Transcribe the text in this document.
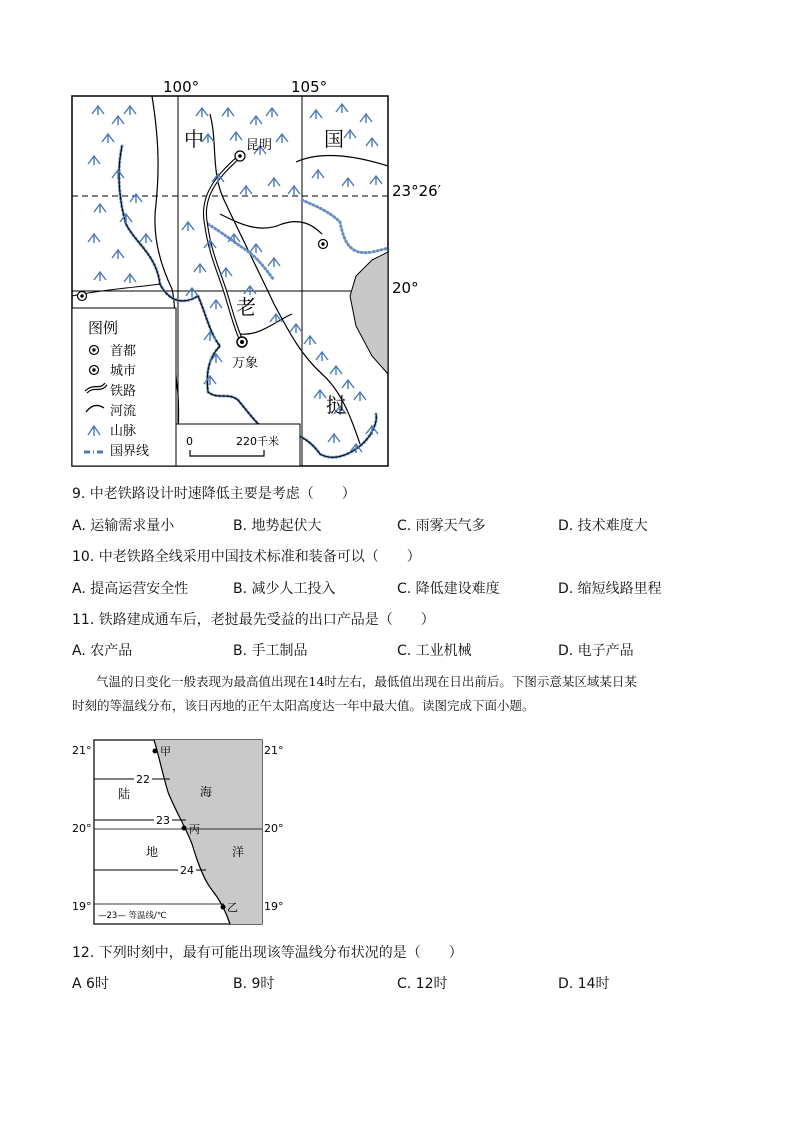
100°	105°
23°26′
20°
中	国
老
挝
昆明
万象
图例
首都
城市
铁路
河流
山脉
国界线
0	220千米
9. 中老铁路设计时速降低主要是考虑（　　）
A. 运输需求量小	B. 地势起伏大	C. 雨雾天气多	D. 技术难度大
10. 中老铁路全线采用中国技术标准和装备可以（　　）
A. 提高运营安全性	B. 减少人工投入	C. 降低建设难度	D. 缩短线路里程
11. 铁路建成通车后，老挝最先受益的出口产品是（　　）
A. 农产品	B. 手工制品	C. 工业机械	D. 电子产品
气温的日变化一般表现为最高值出现在14时左右，最低值出现在日出前后。下图示意某区域某日某
时刻的等温线分布，该日丙地的正午太阳高度达一年中最大值。读图完成下面小题。
22
23
24
21°
20°
19°
21°
20°
19°
陆
地
海
洋
甲
丙
乙
—23— 等温线/℃
12. 下列时刻中，最有可能出现该等温线分布状况的是（　　）
A 6时	B. 9时	C. 12时	D. 14时
